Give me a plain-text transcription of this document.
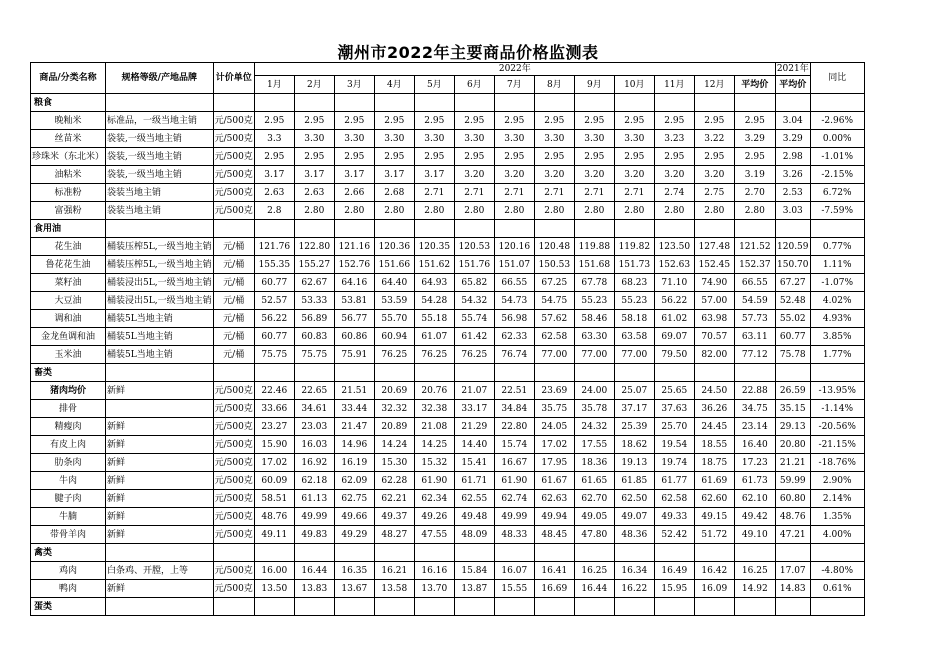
潮州市2022年主要商品价格监测表
商品/分类名称	规格等级/产地品牌	计价单位	2022年													2021年	同比
			1月	2月	3月	4月	5月	6月	7月	8月	9月	10月	11月	12月	平均价	平均价	
粮食																	
晚籼米	标准品，一级当地主销	元/500克	2.95	2.95	2.95	2.95	2.95	2.95	2.95	2.95	2.95	2.95	2.95	2.95	2.95	3.04	-2.96%
丝苗米	袋装,一级当地主销	元/500克	3.3	3.30	3.30	3.30	3.30	3.30	3.30	3.30	3.30	3.30	3.23	3.22	3.29	3.29	0.00%
珍珠米（东北米）	袋装,一级当地主销	元/500克	2.95	2.95	2.95	2.95	2.95	2.95	2.95	2.95	2.95	2.95	2.95	2.95	2.95	2.98	-1.01%
油粘米	袋装,一级当地主销	元/500克	3.17	3.17	3.17	3.17	3.17	3.20	3.20	3.20	3.20	3.20	3.20	3.20	3.19	3.26	-2.15%
标准粉	袋装当地主销	元/500克	2.63	2.63	2.66	2.68	2.71	2.71	2.71	2.71	2.71	2.71	2.74	2.75	2.70	2.53	6.72%
富强粉	袋装当地主销	元/500克	2.8	2.80	2.80	2.80	2.80	2.80	2.80	2.80	2.80	2.80	2.80	2.80	2.80	3.03	-7.59%
食用油																	
花生油	桶装压榨5L,一级当地主销	元/桶	121.76	122.80	121.16	120.36	120.35	120.53	120.16	120.48	119.88	119.82	123.50	127.48	121.52	120.59	0.77%
鲁花花生油	桶装压榨5L,一级当地主销	元/桶	155.35	155.27	152.76	151.66	151.62	151.76	151.07	150.53	151.68	151.73	152.63	152.45	152.37	150.70	1.11%
菜籽油	桶装浸出5L,一级当地主销	元/桶	60.77	62.67	64.16	64.40	64.93	65.82	66.55	67.25	67.78	68.23	71.10	74.90	66.55	67.27	-1.07%
大豆油	桶装浸出5L,一级当地主销	元/桶	52.57	53.33	53.81	53.59	54.28	54.32	54.73	54.75	55.23	55.23	56.22	57.00	54.59	52.48	4.02%
调和油	桶装5L当地主销	元/桶	56.22	56.89	56.77	55.70	55.18	55.74	56.98	57.62	58.46	58.18	61.02	63.98	57.73	55.02	4.93%
金龙鱼调和油	桶装5L当地主销	元/桶	60.77	60.83	60.86	60.94	61.07	61.42	62.33	62.58	63.30	63.58	69.07	70.57	63.11	60.77	3.85%
玉米油	桶装5L当地主销	元/桶	75.75	75.75	75.91	76.25	76.25	76.25	76.74	77.00	77.00	77.00	79.50	82.00	77.12	75.78	1.77%
畜类																	
猪肉均价	新鲜	元/500克	22.46	22.65	21.51	20.69	20.76	21.07	22.51	23.69	24.00	25.07	25.65	24.50	22.88	26.59	-13.95%
排骨		元/500克	33.66	34.61	33.44	32.32	32.38	33.17	34.84	35.75	35.78	37.17	37.63	36.26	34.75	35.15	-1.14%
精瘦肉	新鲜	元/500克	23.27	23.03	21.47	20.89	21.08	21.29	22.80	24.05	24.32	25.39	25.70	24.45	23.14	29.13	-20.56%
有皮上肉	新鲜	元/500克	15.90	16.03	14.96	14.24	14.25	14.40	15.74	17.02	17.55	18.62	19.54	18.55	16.40	20.80	-21.15%
肋条肉	新鲜	元/500克	17.02	16.92	16.19	15.30	15.32	15.41	16.67	17.95	18.36	19.13	19.74	18.75	17.23	21.21	-18.76%
牛肉	新鲜	元/500克	60.09	62.18	62.09	62.28	61.90	61.71	61.90	61.67	61.65	61.85	61.77	61.69	61.73	59.99	2.90%
腱子肉	新鲜	元/500克	58.51	61.13	62.75	62.21	62.34	62.55	62.74	62.63	62.70	62.50	62.58	62.60	62.10	60.80	2.14%
牛腩	新鲜	元/500克	48.76	49.99	49.66	49.37	49.26	49.48	49.99	49.94	49.05	49.07	49.33	49.15	49.42	48.76	1.35%
带骨羊肉	新鲜	元/500克	49.11	49.83	49.29	48.27	47.55	48.09	48.33	48.45	47.80	48.36	52.42	51.72	49.10	47.21	4.00%
禽类																	
鸡肉	白条鸡、开膛，上等	元/500克	16.00	16.44	16.35	16.21	16.16	15.84	16.07	16.41	16.25	16.34	16.49	16.42	16.25	17.07	-4.80%
鸭肉	新鲜	元/500克	13.50	13.83	13.67	13.58	13.70	13.87	15.55	16.69	16.44	16.22	15.95	16.09	14.92	14.83	0.61%
蛋类																	
